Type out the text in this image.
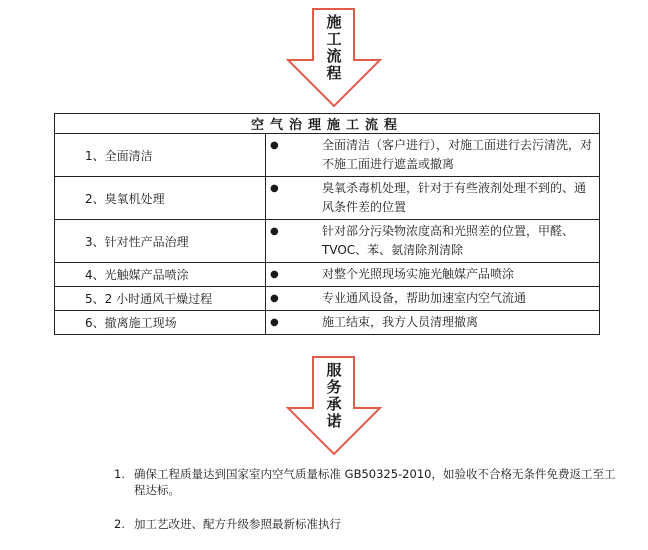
施
工
流
程
空气治理施工流程	
1、全面清洁	● 全面清洁（客户进行），对施工面进行去污清洗，对不施工面进行遮盖或撤离

2、臭氧机处理	● 臭氧杀毒机处理，针对于有些液剂处理不到的、通风条件差的位置

3、针对性产品治理	● 针对部分污染物浓度高和光照差的位置，甲醛、TVOC、苯、氨清除剂清除

4、光触媒产品喷涂	● 对整个光照现场实施光触媒产品喷涂

5、2 小时通风干燥过程	● 专业通风设备，帮助加速室内空气流通

6、撤离施工现场	● 施工结束，我方人员清理撤离
服
务
承
诺
1. 确保工程质量达到国家室内空气质量标准 GB50325-2010，如验收不合格无条件免费返工至工程达标。
2. 加工艺改进、配方升级参照最新标准执行
